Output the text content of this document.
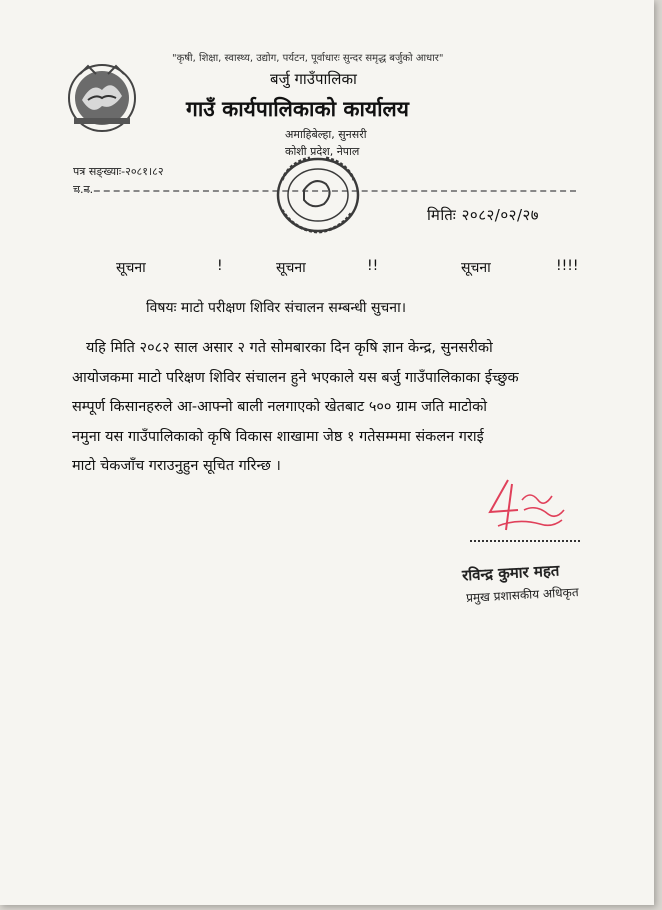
"कृषी, शिक्षा, स्वास्थ्य, उद्योग, पर्यटन, पूर्वाधारः सुन्दर समृद्ध बर्जुको आधार"
बर्जु गाउँपालिका
गाउँ कार्यपालिकाको कार्यालय
अमाहिबेल्हा, सुनसरी
कोशी प्रदेश, नेपाल
पत्र सङ्ख्याः-२०८१।८२
च.न.
मितिः २०८२/०२/२७
सूचना	!	सूचना	!!	सूचना	!!!!
विषयः माटो परीक्षण शिविर संचालन सम्बन्धी सुचना।
यहि मिति २०८२ साल असार २ गते सोमबारका दिन कृषि ज्ञान केन्द्र, सुनसरीको
आयोजकमा माटो परिक्षण शिविर संचालन हुने भएकाले यस बर्जु गाउँपालिकाका ईच्छुक
सम्पूर्ण किसानहरुले आ-आफ्नो बाली नलगाएको खेतबाट ५०० ग्राम जति माटोको
नमुना यस गाउँपालिकाको कृषि विकास शाखामा जेष्ठ १ गतेसम्ममा संकलन गराई
माटो चेकजाँच गराउनुहुन सूचित गरिन्छ ।
रविन्द्र कुमार महत
प्रमुख प्रशासकीय अधिकृत
